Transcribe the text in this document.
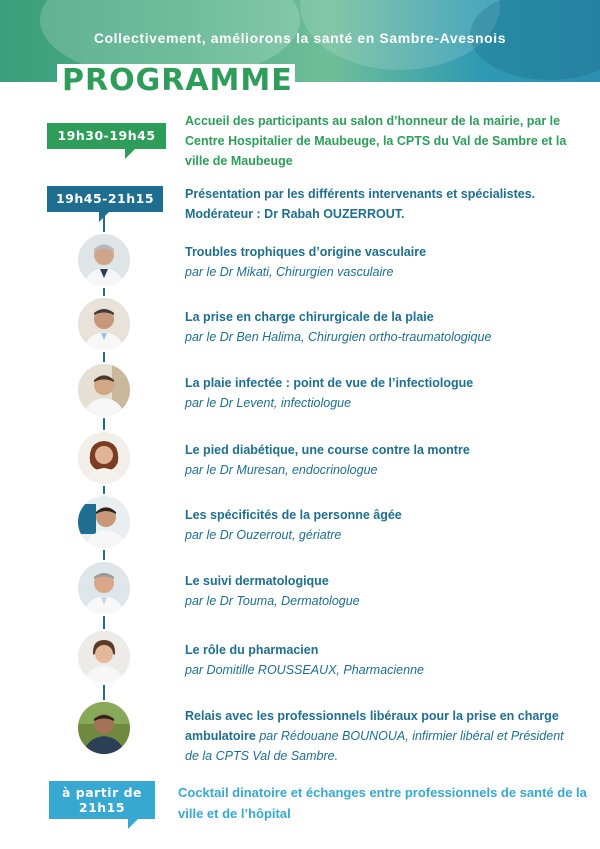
Collectivement, améliorons la santé en Sambre-Avesnois
PROGRAMME
19h30-19h45
Accueil des participants au salon d’honneur de la mairie, par le Centre Hospitalier de Maubeuge, la CPTS du Val de Sambre et la ville de Maubeuge
19h45-21h15	Présentation par les différents intervenants et spécialistes. Modérateur : Dr Rabah OUZERROUT.
Troubles trophiques d’origine vasculaire
par le Dr Mikati, Chirurgien vasculaire
La prise en charge chirurgicale de la plaie
par le Dr Ben Halima, Chirurgien ortho-traumatologique
La plaie infectée : point de vue de l’infectiologue
par le Dr Levent, infectiologue
Le pied diabétique, une course contre la montre
par le Dr Muresan, endocrinologue
Les spécificités de la personne âgée
par le Dr Ouzerrout, gériatre
Le suivi dermatologique
par le Dr Touma, Dermatologue
Le rôle du pharmacien
par Domitille ROUSSEAUX, Pharmacienne
Relais avec les professionnels libéraux pour la prise en charge ambulatoire par Rédouane BOUNOUA, infirmier libéral et Président de la CPTS Val de Sambre.
à partir de
21h15
Cocktail dinatoire et échanges entre professionnels de santé de la ville et de l’hôpital
